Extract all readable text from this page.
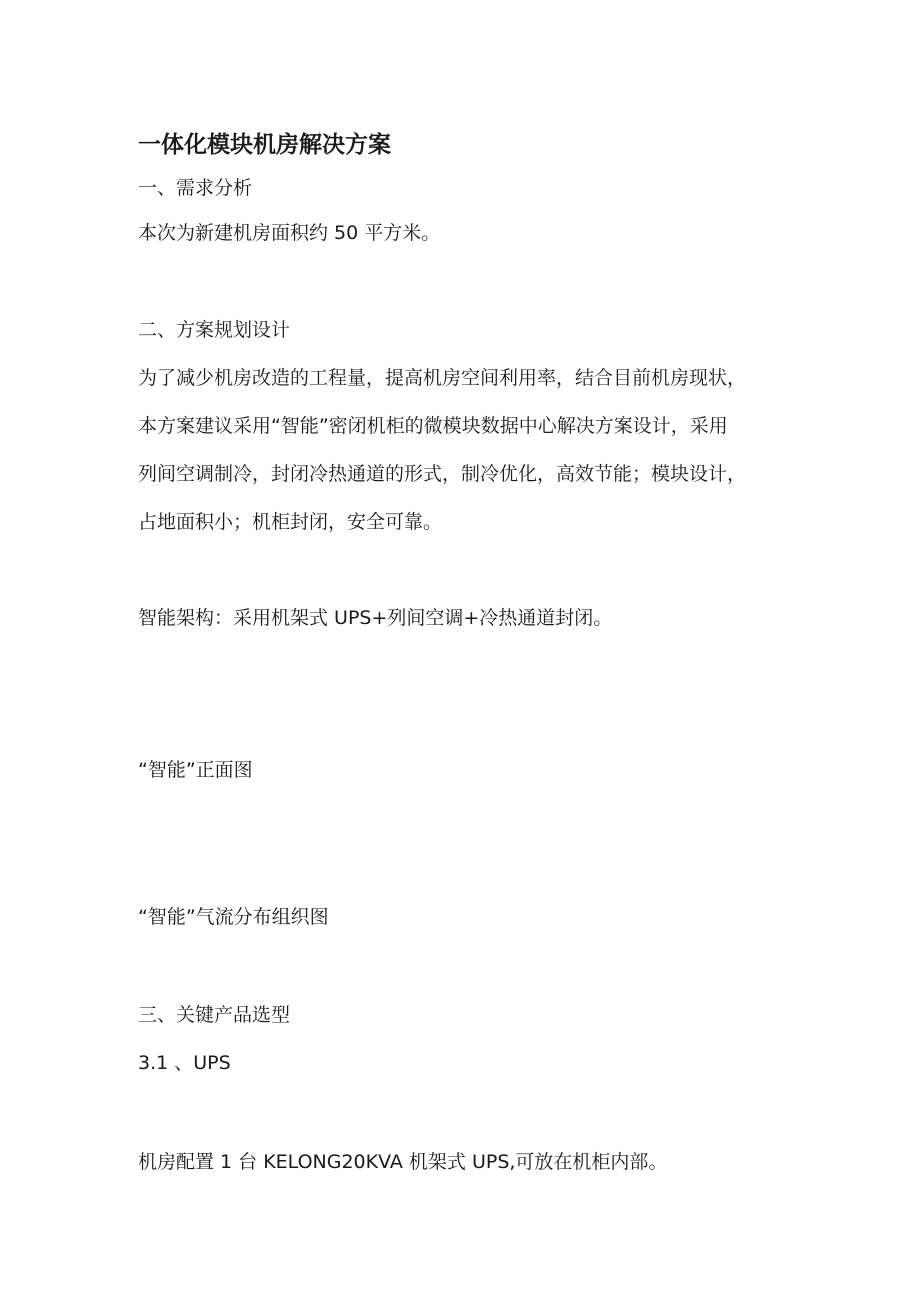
一体化模块机房解决方案
一、需求分析

本次为新建机房面积约 50 平方米。

二、方案规划设计

为了减少机房改造的工程量，提高机房空间利用率，结合目前机房现状，

本方案建议采用“智能”密闭机柜的微模块数据中心解决方案设计，采用

列间空调制冷，封闭冷热通道的形式，制冷优化，高效节能；模块设计，

占地面积小；机柜封闭，安全可靠。

智能架构：采用机架式 UPS+列间空调+冷热通道封闭。

“智能”正面图

“智能”气流分布组织图

三、关键产品选型
3.1 、UPS

机房配置 1 台 KELONG20KVA 机架式 UPS,可放在机柜内部。
